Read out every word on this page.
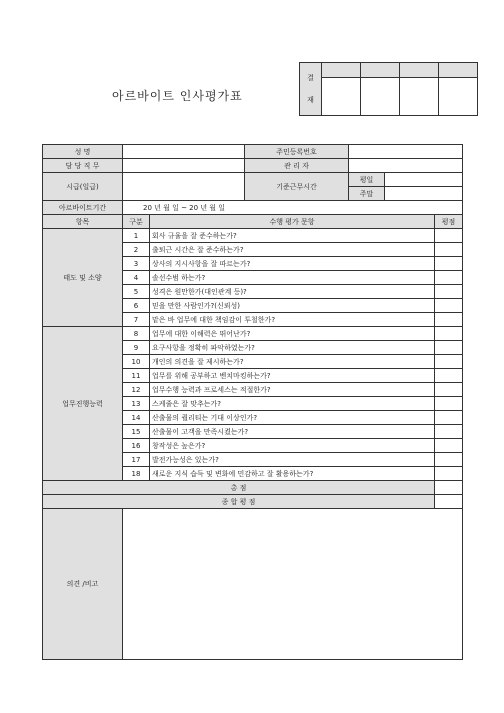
아르바이트 인사평가표
결
재				

성 명			주민등록번호			
담 당 직 무			관 리 자			
시급(일급)			기준근무시간	평일		
				주말		
아르바이트기간	20 년 월 일 ~ 20 년 월 일					
항목	구분	수행 평가 문항				평점
태도 및 소양	1	회사 규율을 잘 준수하는가?				
	2	출퇴근 시간은 잘 준수하는가?				
	3	상사의 지시사항을 잘 따르는가?				
	4	솔선수범 하는가?				
	5	성격은 원만한가(대인관계 등)?				
	6	믿을 만한 사람인가?(신뢰성)				
	7	맡은 바 업무에 대한 책임감이 투철한가?				
업무진행능력	8	업무에 대한 이해력은 뛰어난가?				
	9	요구사항을 정확히 파악하였는가?				
	10	개인의 의견을 잘 제시하는가?				
	11	업무를 위해 공부하고 벤치마킹하는가?				
	12	업무수행 능력과 프로세스는 적절한가?				
	13	스케줄은 잘 맞추는가?				
	14	산출물의 퀄리티는 기대 이상인가?				
	15	산출물이 고객을 만족시켰는가?				
	16	창작성은 높은가?				
	17	발전가능성은 있는가?				
	18	새로운 지식 습득 및 변화에 민감하고 잘 활용하는가?				
총 점						
종 합 평 점						
의견 /비고						
